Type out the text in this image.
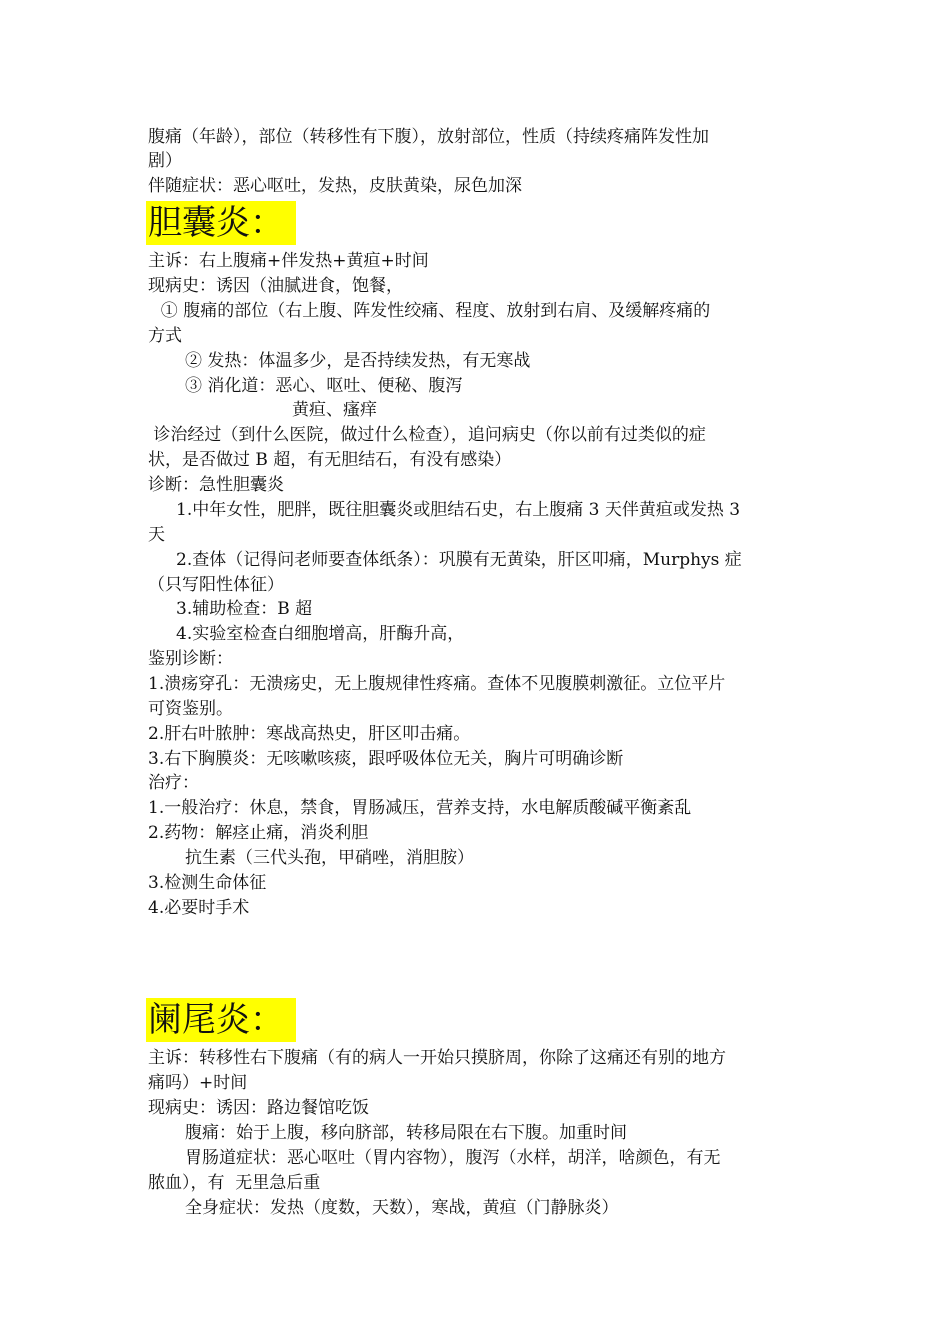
腹痛（年龄），部位（转移性有下腹），放射部位，性质（持续疼痛阵发性加
剧）
伴随症状：恶心呕吐，发热，皮肤黄染，尿色加深
胆囊炎：
主诉：右上腹痛+伴发热+黄疸+时间
现病史：诱因（油腻进食，饱餐，
① 腹痛的部位（右上腹、阵发性绞痛、程度、放射到右肩、及缓解疼痛的
方式
② 发热：体温多少，是否持续发热，有无寒战
③ 消化道：恶心、呕吐、便秘、腹泻
黄疸、瘙痒
诊治经过（到什么医院，做过什么检查），追问病史（你以前有过类似的症
状，是否做过 B 超，有无胆结石，有没有感染）
诊断：急性胆囊炎
1.中年女性，肥胖，既往胆囊炎或胆结石史，右上腹痛 3 天伴黄疸或发热 3
天
2.查体（记得问老师要查体纸条）：巩膜有无黄染，肝区叩痛，Murphys 症
（只写阳性体征）
3.辅助检查：B 超
4.实验室检查白细胞增高，肝酶升高，
鉴别诊断：
1.溃疡穿孔：无溃疡史，无上腹规律性疼痛。查体不见腹膜刺激征。立位平片
可资鉴别。
2.肝右叶脓肿：寒战高热史，肝区叩击痛。
3.右下胸膜炎：无咳嗽咳痰，跟呼吸体位无关，胸片可明确诊断
治疗：
1.一般治疗：休息，禁食，胃肠减压，营养支持，水电解质酸碱平衡紊乱
2.药物：解痉止痛，消炎利胆
抗生素（三代头孢，甲硝唑，消胆胺）
3.检测生命体征
4.必要时手术
阑尾炎：
主诉：转移性右下腹痛（有的病人一开始只摸脐周，你除了这痛还有别的地方
痛吗）+时间
现病史：诱因：路边餐馆吃饭
腹痛：始于上腹，移向脐部，转移局限在右下腹。加重时间
胃肠道症状：恶心呕吐（胃内容物），腹泻（水样，胡洋，啥颜色，有无
脓血），有  无里急后重
全身症状：发热（度数，天数），寒战，黄疸（门静脉炎）
